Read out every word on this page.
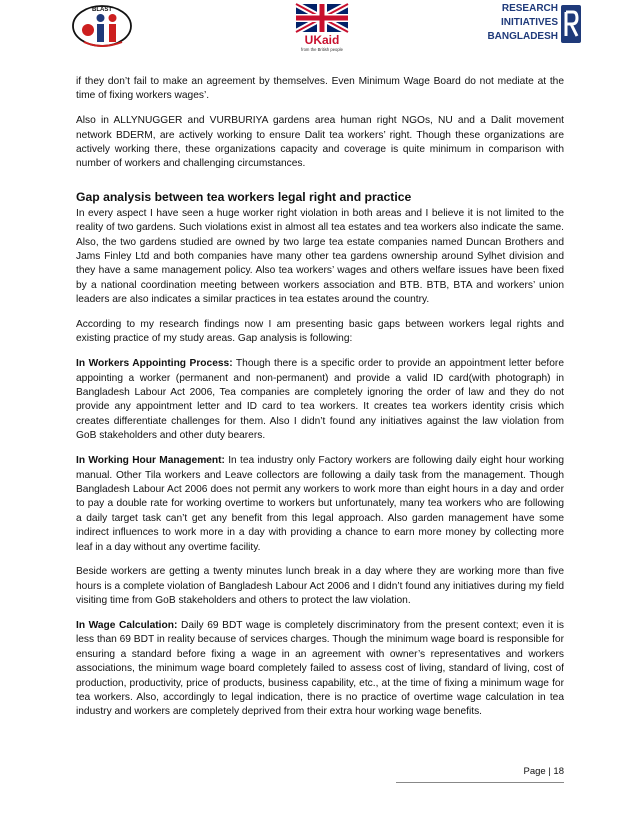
BLAST
UKaid
from the British people
RESEARCH
INITIATIVES
BANGLADESH

if they don’t fail to make an agreement by themselves. Even Minimum Wage Board do not mediate at the time of fixing workers wages’.

Also in ALLYNUGGER and VURBURIYA gardens area human right NGOs, NU and a Dalit movement network BDERM, are actively working to ensure Dalit tea workers’ right. Though these organizations are actively working there, these organizations capacity and coverage is quite minimum in comparison with number of workers and challenging circumstances.

Gap analysis between tea workers legal right and practice

In every aspect I have seen a huge worker right violation in both areas and I believe it is not limited to the reality of two gardens. Such violations exist in almost all tea estates and tea workers also indicate the same. Also, the two gardens studied are owned by two large tea estate companies named Duncan Brothers and Jams Finley Ltd and both companies have many other tea gardens ownership around Sylhet division and they have a same management policy. Also tea workers’ wages and others welfare issues have been fixed by a national coordination meeting between workers association and BTB. BTB, BTA and workers’ union leaders are also indicates a similar practices in tea estates around the country.

According to my research findings now I am presenting basic gaps between workers legal rights and existing practice of my study areas. Gap analysis is following:

In Workers Appointing Process: Though there is a specific order to provide an appointment letter before appointing a worker (permanent and non-permanent) and provide a valid ID card(with photograph) in Bangladesh Labour Act 2006, Tea companies are completely ignoring the order of law and they do not provide any appointment letter and ID card to tea workers. It creates tea workers identity crisis which creates differentiate challenges for them. Also I didn’t found any initiatives against the law violation from GoB stakeholders and other duty bearers.

In Working Hour Management: In tea industry only Factory workers are following daily eight hour working manual. Other Tila workers and Leave collectors are following a daily task from the management. Though Bangladesh Labour Act 2006 does not permit any workers to work more than eight hours in a day and order to pay a double rate for working overtime to workers but unfortunately, many tea workers who are following a daily target task can’t get any benefit from this legal approach. Also garden management have some indirect influences to work more in a day with providing a chance to earn more money by collecting more leaf in a day without any overtime facility.

Beside workers are getting a twenty minutes lunch break in a day where they are working more than five hours is a complete violation of Bangladesh Labour Act 2006 and I didn’t found any initiatives during my field visiting time from GoB stakeholders and others to protect the law violation.

In Wage Calculation: Daily 69 BDT wage is completely discriminatory from the present context; even it is less than 69 BDT in reality because of services charges. Though the minimum wage board is responsible for ensuring a standard before fixing a wage in an agreement with owner’s representatives and workers associations, the minimum wage board completely failed to assess cost of living, standard of living, cost of production, productivity, price of products, business capability, etc., at the time of fixing a minimum wage for tea workers. Also, accordingly to legal indication, there is no practice of overtime wage calculation in tea industry and workers are completely deprived from their extra hour working wage benefits.

Page | 18
